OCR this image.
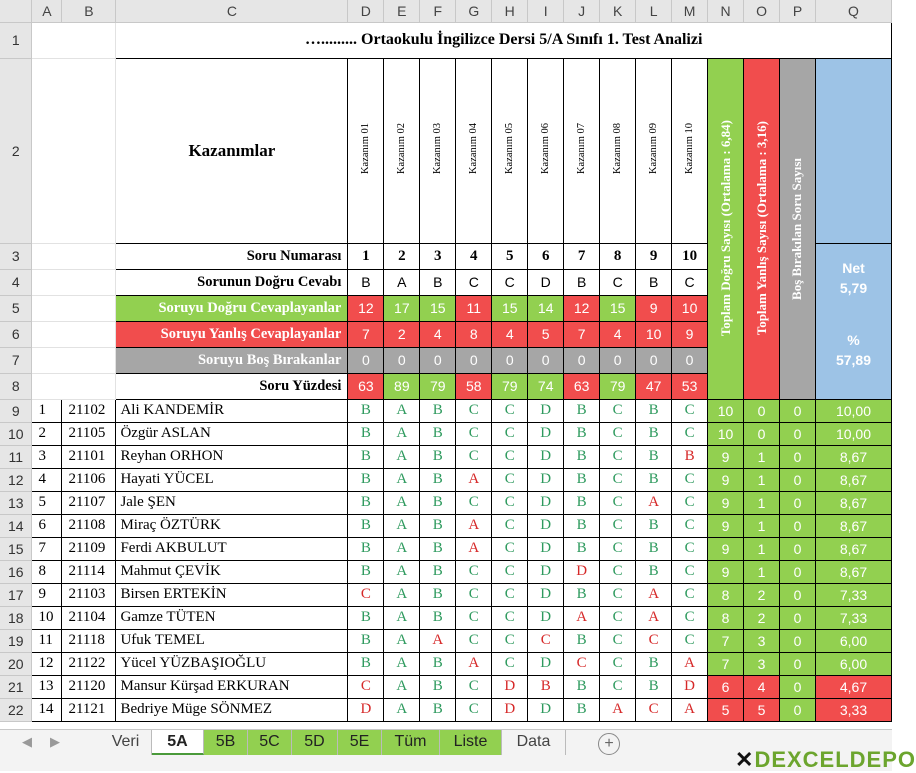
	A	B	C	D	E	F	G	H	I	J	K	L	M	N	O	P	Q
1			…......... Ortaokulu İngilizce Dersi 5/A Sınıfı 1. Test Analizi														
2			Kazanımlar	Kazanım 01	Kazanım 02	Kazanım 03	Kazanım 04	Kazanım 05	Kazanım 06	Kazanım 07	Kazanım 08	Kazanım 09	Kazanım 10	Toplam Doğru Sayısı (Ortalama : 6,84)	Toplam Yanlış Sayısı (Ortalama : 3,16)	Boş Bırakılan Soru Sayısı	

3			Soru Numarası	1	2	3	4	5	6	7	8	9	10				Net
5,79
%
57,89

4			Sorunun Doğru Cevabı	B	A	B	C	C	D	B	C	B	C				
5			Soruyu Doğru Cevaplayanlar	12	17	15	11	15	14	12	15	9	10				
6			Soruyu Yanlış Cevaplayanlar	7	2	4	8	4	5	7	4	10	9				
7			Soruyu Boş Bırakanlar	0	0	0	0	0	0	0	0	0	0				
8			Soru Yüzdesi	63	89	79	58	79	74	63	79	47	53				
9	1	21102	Ali KANDEMİR	B	A	B	C	C	D	B	C	B	C	10	0	0	10,00
10	2	21105	Özgür ASLAN	B	A	B	C	C	D	B	C	B	C	10	0	0	10,00
11	3	21101	Reyhan ORHON	B	A	B	C	C	D	B	C	B	B	9	1	0	8,67
12	4	21106	Hayati YÜCEL	B	A	B	A	C	D	B	C	B	C	9	1	0	8,67
13	5	21107	Jale ŞEN	B	A	B	C	C	D	B	C	A	C	9	1	0	8,67
14	6	21108	Miraç ÖZTÜRK	B	A	B	A	C	D	B	C	B	C	9	1	0	8,67
15	7	21109	Ferdi AKBULUT	B	A	B	A	C	D	B	C	B	C	9	1	0	8,67
16	8	21114	Mahmut ÇEVİK	B	A	B	C	C	D	D	C	B	C	9	1	0	8,67
17	9	21103	Birsen ERTEKİN	C	A	B	C	C	D	B	C	A	C	8	2	0	7,33
18	10	21104	Gamze TÜTEN	B	A	B	C	C	D	A	C	A	C	8	2	0	7,33
19	11	21118	Ufuk TEMEL	B	A	A	C	C	C	B	C	C	C	7	3	0	6,00
20	12	21122	Yücel YÜZBAŞIOĞLU	B	A	B	A	C	D	C	C	B	A	7	3	0	6,00
21	13	21120	Mansur Kürşad ERKURAN	C	A	B	C	D	B	B	C	B	D	6	4	0	4,67
22	14	21121	Bedriye Müge SÖNMEZ	D	A	B	C	D	D	B	A	C	A	5	5	0	3,33
◀ ▶	Veri	5A	5B	5C	5D	5E	Tüm	Liste	Data	+
✕DEXCELDEPO
